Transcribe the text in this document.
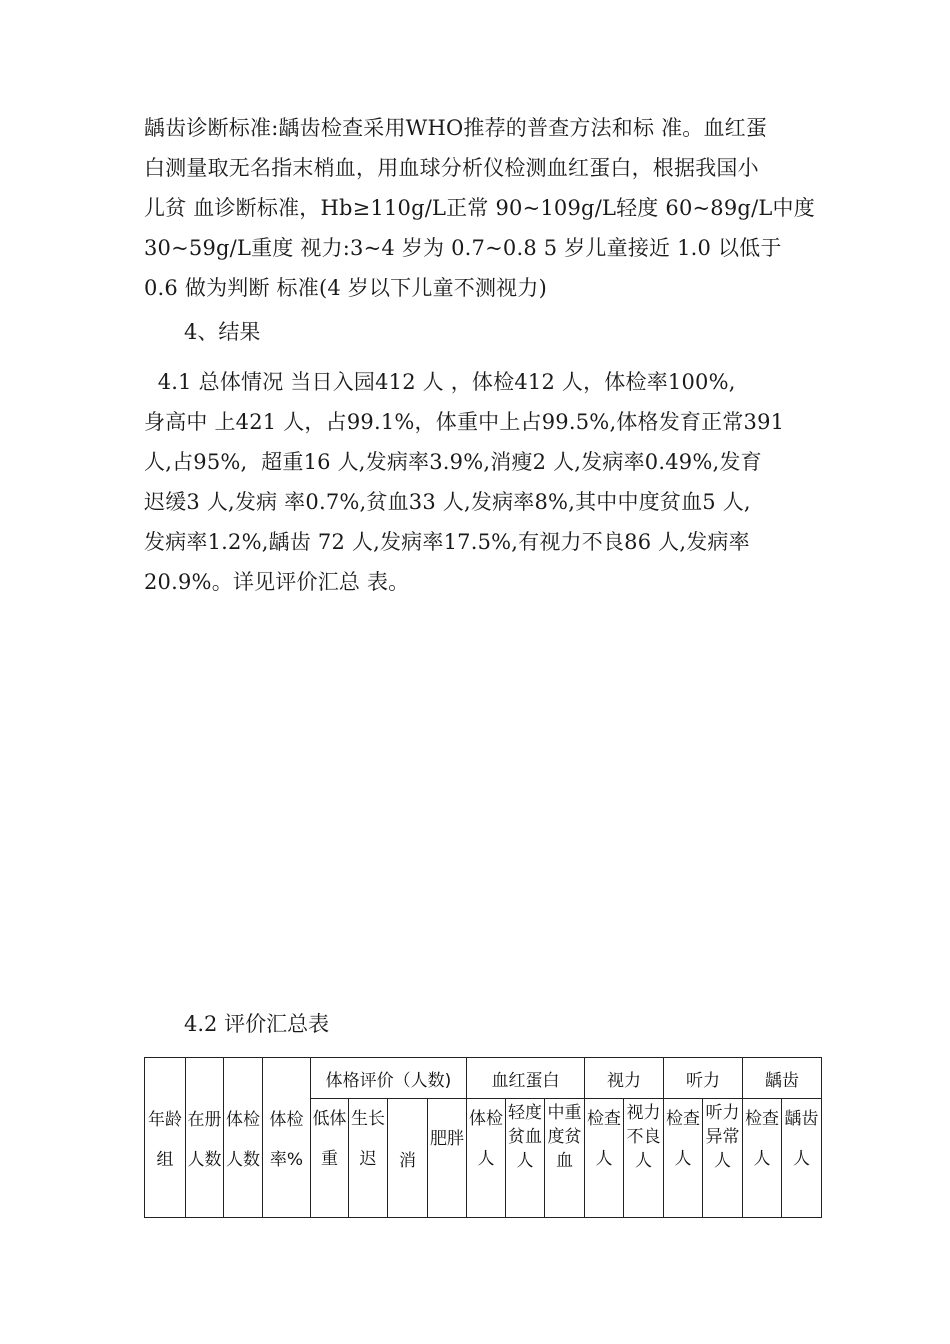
龋齿诊断标准:龋齿检查采用WHO推荐的普查方法和标 准。血红蛋
白测量取无名指末梢血，用血球分析仪检测血红蛋白，根据我国小
儿贫 血诊断标准，Hb≥110g/L正常 90~109g/L轻度 60~89g/L中度
30~59g/L重度 视力:3~4 岁为 0.7~0.8 5 岁儿童接近 1.0 以低于
0.6 做为判断 标准(4 岁以下儿童不测视力)

4、结果

4.1 总体情况 当日入园412 人 ，体检412 人，体检率100%,
身高中 上421 人，占99.1%，体重中上占99.5%,体格发育正常391
人,占95%,  超重16 人,发病率3.9%,消瘦2 人,发病率0.49%,发育
迟缓3 人,发病 率0.7%,贫血33 人,发病率8%,其中中度贫血5 人,
发病率1.2%,龋齿 72 人,发病率17.5%,有视力不良86 人,发病率
20.9%。详见评价汇总 表。

4.2 评价汇总表
年龄组	在册人数	体检人数	体检率%	体格评价（人数)				血红蛋白			视力		听力		龋齿	

				低体重	生长迟	消	肥胖	体检人	轻度贫血人	中重度贫血	检查人	视力不良人	检查人	听力异常人	检查人	龋齿人
